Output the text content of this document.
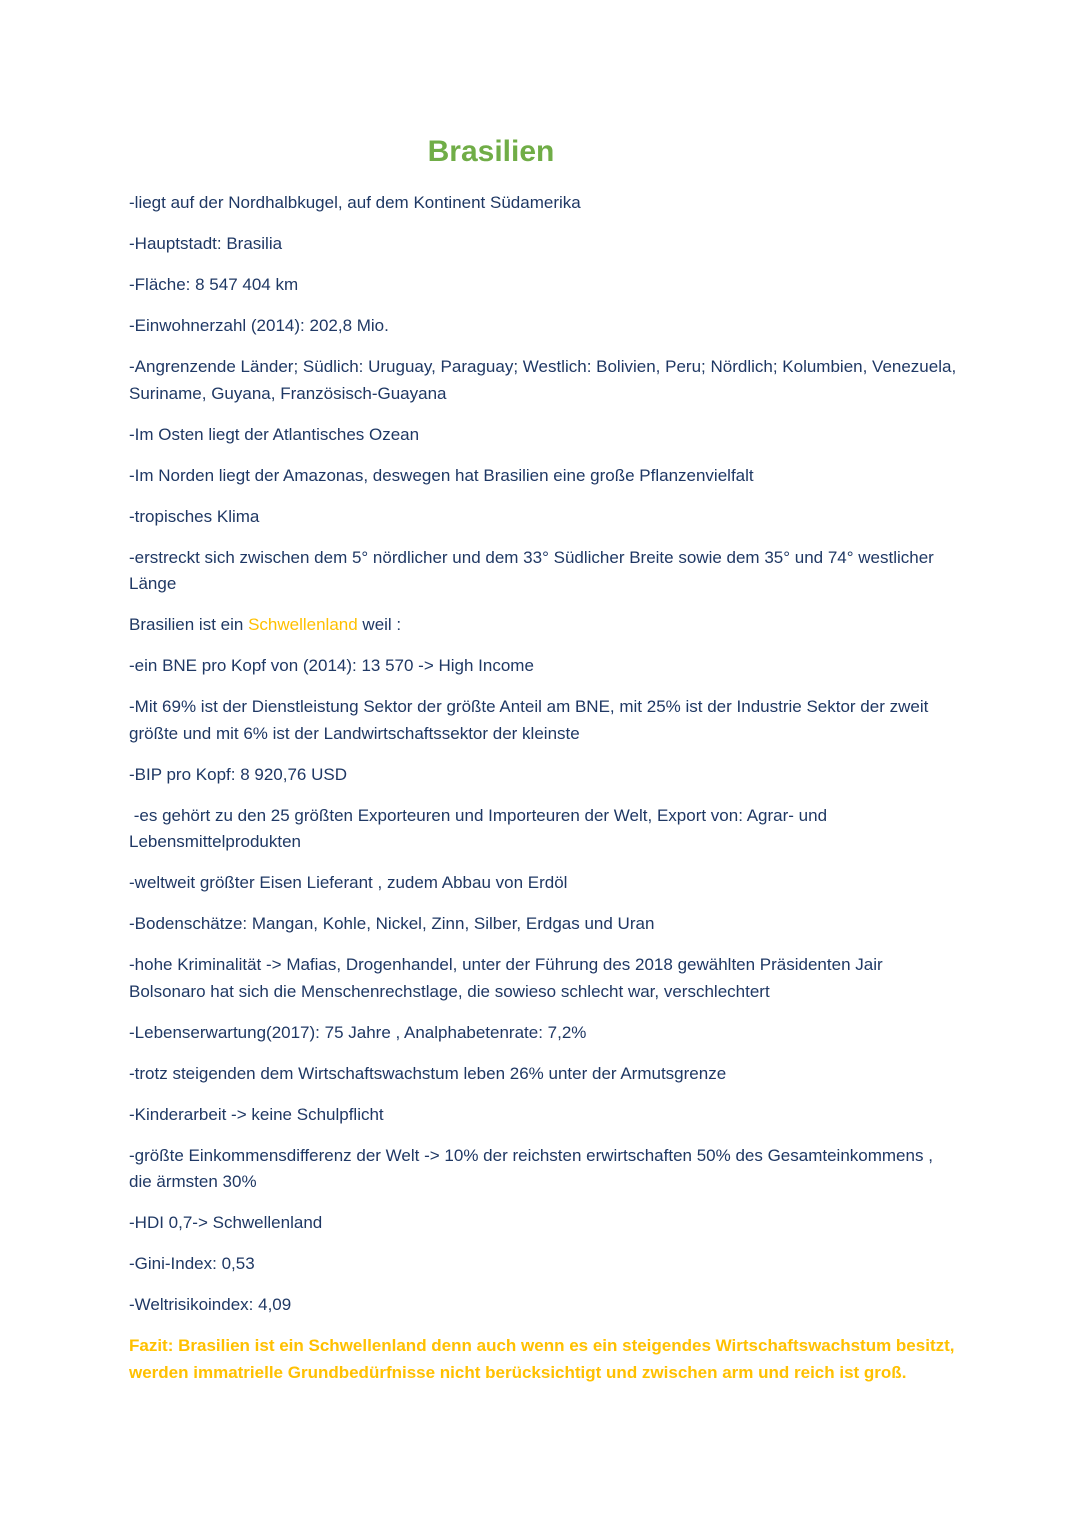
Brasilien

-liegt auf der Nordhalbkugel, auf dem Kontinent Südamerika

-Hauptstadt: Brasilia

-Fläche: 8 547 404 km

-Einwohnerzahl (2014): 202,8 Mio.

-Angrenzende Länder; Südlich: Uruguay, Paraguay; Westlich: Bolivien, Peru; Nördlich; Kolumbien, Venezuela, Suriname, Guyana, Französisch-Guayana

-Im Osten liegt der Atlantisches Ozean

-Im Norden liegt der Amazonas, deswegen hat Brasilien eine große Pflanzenvielfalt

-tropisches Klima

-erstreckt sich zwischen dem 5° nördlicher und dem 33° Südlicher Breite sowie dem 35° und 74° westlicher Länge

Brasilien ist ein Schwellenland weil :

-ein BNE pro Kopf von (2014): 13 570 -> High Income

-Mit 69% ist der Dienstleistung Sektor der größte Anteil am BNE, mit 25% ist der Industrie Sektor der zweit größte und mit 6% ist der Landwirtschaftssektor der kleinste

-BIP pro Kopf: 8 920,76 USD

-es gehört zu den 25 größten Exporteuren und Importeuren der Welt, Export von: Agrar- und Lebensmittelprodukten

-weltweit größter Eisen Lieferant , zudem Abbau von Erdöl

-Bodenschätze: Mangan, Kohle, Nickel, Zinn, Silber, Erdgas und Uran

-hohe Kriminalität -> Mafias, Drogenhandel, unter der Führung des 2018 gewählten Präsidenten Jair Bolsonaro hat sich die Menschenrechstlage, die sowieso schlecht war, verschlechtert

-Lebenserwartung(2017): 75 Jahre , Analphabetenrate: 7,2%

-trotz steigenden dem Wirtschaftswachstum leben 26% unter der Armutsgrenze

-Kinderarbeit -> keine Schulpflicht

-größte Einkommensdifferenz der Welt -> 10% der reichsten erwirtschaften 50% des Gesamteinkommens , die ärmsten 30%

-HDI 0,7-> Schwellenland

-Gini-Index: 0,53

-Weltrisikoindex: 4,09

Fazit: Brasilien ist ein Schwellenland denn auch wenn es ein steigendes Wirtschaftswachstum besitzt, werden immatrielle Grundbedürfnisse nicht berücksichtigt und zwischen arm und reich ist groß.
